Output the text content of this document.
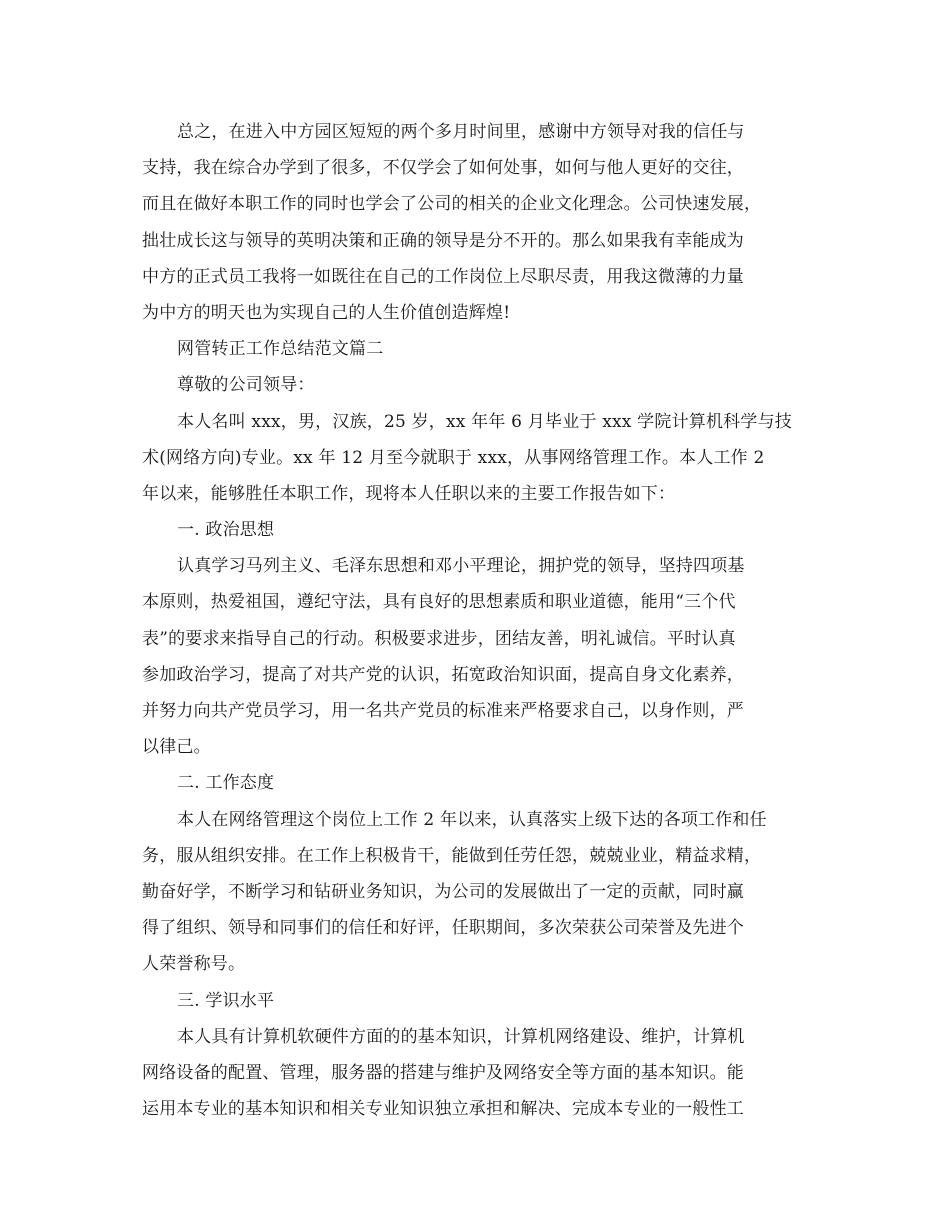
总之，在进入中方园区短短的两个多月时间里，感谢中方领导对我的信任与
支持，我在综合办学到了很多，不仅学会了如何处事，如何与他人更好的交往，
而且在做好本职工作的同时也学会了公司的相关的企业文化理念。公司快速发展，
拙壮成长这与领导的英明决策和正确的领导是分不开的。那么如果我有幸能成为
中方的正式员工我将一如既往在自己的工作岗位上尽职尽责，用我这微薄的力量
为中方的明天也为实现自己的人生价值创造辉煌!
网管转正工作总结范文篇二
尊敬的公司领导：
本人名叫 xxx，男，汉族，25 岁，xx 年年 6 月毕业于 xxx 学院计算机科学与技
术(网络方向)专业。xx 年 12 月至今就职于 xxx，从事网络管理工作。本人工作 2
年以来，能够胜任本职工作，现将本人任职以来的主要工作报告如下：
一. 政治思想
认真学习马列主义、毛泽东思想和邓小平理论，拥护党的领导，坚持四项基
本原则，热爱祖国，遵纪守法，具有良好的思想素质和职业道德，能用“三个代
表”的要求来指导自己的行动。积极要求进步，团结友善，明礼诚信。平时认真
参加政治学习，提高了对共产党的认识，拓宽政治知识面，提高自身文化素养，
并努力向共产党员学习，用一名共产党员的标准来严格要求自己，以身作则，严
以律己。
二. 工作态度
本人在网络管理这个岗位上工作 2 年以来，认真落实上级下达的各项工作和任
务，服从组织安排。在工作上积极肯干，能做到任劳任怨，兢兢业业，精益求精，
勤奋好学，不断学习和钻研业务知识，为公司的发展做出了一定的贡献，同时赢
得了组织、领导和同事们的信任和好评，任职期间，多次荣获公司荣誉及先进个
人荣誉称号。
三. 学识水平
本人具有计算机软硬件方面的的基本知识，计算机网络建设、维护，计算机
网络设备的配置、管理，服务器的搭建与维护及网络安全等方面的基本知识。能
运用本专业的基本知识和相关专业知识独立承担和解决、完成本专业的一般性工
